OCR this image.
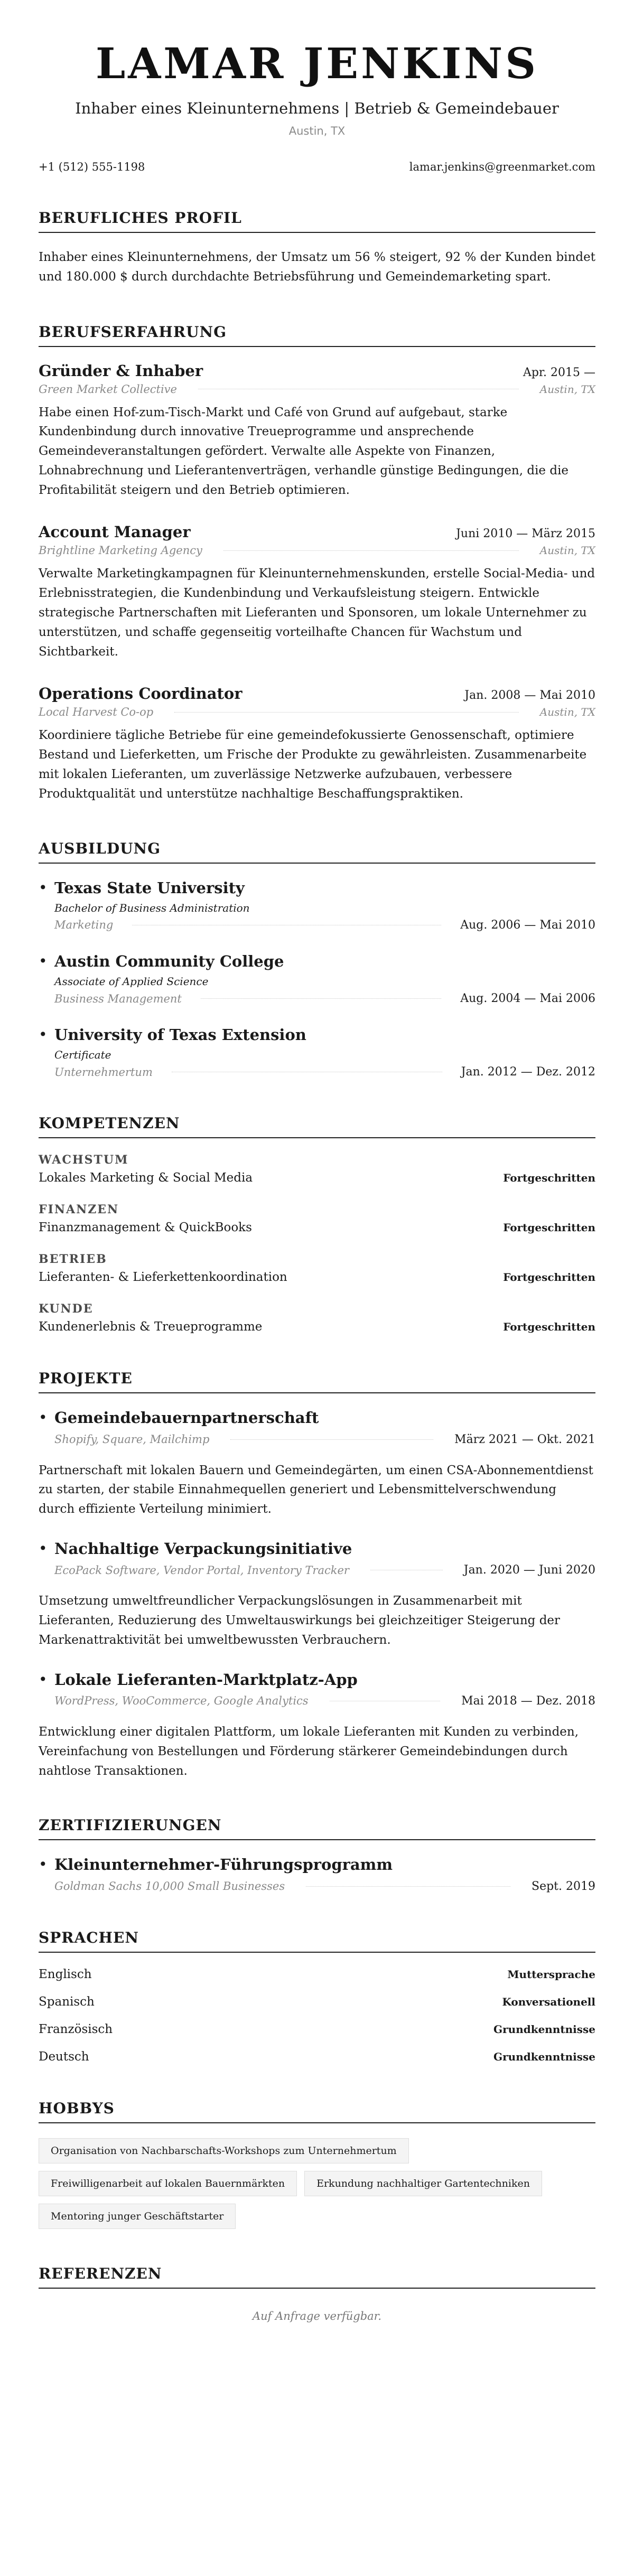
LAMAR JENKINS
Inhaber eines Kleinunternehmens | Betrieb & Gemeindebauer
Austin, TX
+1 (512) 555-1198	lamar.jenkins@greenmarket.com
BERUFLICHES PROFIL
Inhaber eines Kleinunternehmens, der Umsatz um 56 % steigert, 92 % der Kunden bindet und 180.000 $ durch durchdachte Betriebsführung und Gemeindemarketing spart.
BERUFSERFAHRUNG
Gründer & Inhaber	Apr. 2015 —
Green Market Collective	Austin, TX
Habe einen Hof-zum-Tisch-Markt und Café von Grund auf aufgebaut, starke Kundenbindung durch innovative Treueprogramme und ansprechende Gemeindeveranstaltungen gefördert. Verwalte alle Aspekte von Finanzen, Lohnabrechnung und Lieferantenverträgen, verhandle günstige Bedingungen, die die Profitabilität steigern und den Betrieb optimieren.
Account Manager	Juni 2010 — März 2015
Brightline Marketing Agency	Austin, TX
Verwalte Marketingkampagnen für Kleinunternehmenskunden, erstelle Social-Media- und Erlebnisstrategien, die Kundenbindung und Verkaufsleistung steigern. Entwickle strategische Partnerschaften mit Lieferanten und Sponsoren, um lokale Unternehmer zu unterstützen, und schaffe gegenseitig vorteilhafte Chancen für Wachstum und Sichtbarkeit.
Operations Coordinator	Jan. 2008 — Mai 2010
Local Harvest Co-op	Austin, TX
Koordiniere tägliche Betriebe für eine gemeindefokussierte Genossenschaft, optimiere Bestand und Lieferketten, um Frische der Produkte zu gewährleisten. Zusammenarbeite mit lokalen Lieferanten, um zuverlässige Netzwerke aufzubauen, verbessere Produktqualität und unterstütze nachhaltige Beschaffungspraktiken.
AUSBILDUNG
• Texas State University
Bachelor of Business Administration
Marketing	Aug. 2006 — Mai 2010
• Austin Community College
Associate of Applied Science
Business Management	Aug. 2004 — Mai 2006
• University of Texas Extension
Certificate
Unternehmertum	Jan. 2012 — Dez. 2012
KOMPETENZEN
WACHSTUM
Lokales Marketing & Social Media	Fortgeschritten
FINANZEN
Finanzmanagement & QuickBooks	Fortgeschritten
BETRIEB
Lieferanten- & Lieferkettenkoordination	Fortgeschritten
KUNDE
Kundenerlebnis & Treueprogramme	Fortgeschritten
PROJEKTE
• Gemeindebauernpartnerschaft
Shopify, Square, Mailchimp	März 2021 — Okt. 2021
Partnerschaft mit lokalen Bauern und Gemeindegärten, um einen CSA-Abonnementdienst zu starten, der stabile Einnahmequellen generiert und Lebensmittelverschwendung durch effiziente Verteilung minimiert.
• Nachhaltige Verpackungsinitiative
EcoPack Software, Vendor Portal, Inventory Tracker	Jan. 2020 — Juni 2020
Umsetzung umweltfreundlicher Verpackungslösungen in Zusammenarbeit mit Lieferanten, Reduzierung des Umweltauswirkungs bei gleichzeitiger Steigerung der Markenattraktivität bei umweltbewussten Verbrauchern.
• Lokale Lieferanten-Marktplatz-App
WordPress, WooCommerce, Google Analytics	Mai 2018 — Dez. 2018
Entwicklung einer digitalen Plattform, um lokale Lieferanten mit Kunden zu verbinden, Vereinfachung von Bestellungen und Förderung stärkerer Gemeindebindungen durch nahtlose Transaktionen.
ZERTIFIZIERUNGEN
• Kleinunternehmer-Führungsprogramm
Goldman Sachs 10,000 Small Businesses	Sept. 2019
SPRACHEN
Englisch	Muttersprache
Spanisch	Konversationell
Französisch	Grundkenntnisse
Deutsch	Grundkenntnisse
HOBBYS
Organisation von Nachbarschafts-Workshops zum Unternehmertum
Freiwilligenarbeit auf lokalen Bauernmärkten	Erkundung nachhaltiger Gartentechniken
Mentoring junger Geschäftstarter
REFERENZEN
Auf Anfrage verfügbar.
